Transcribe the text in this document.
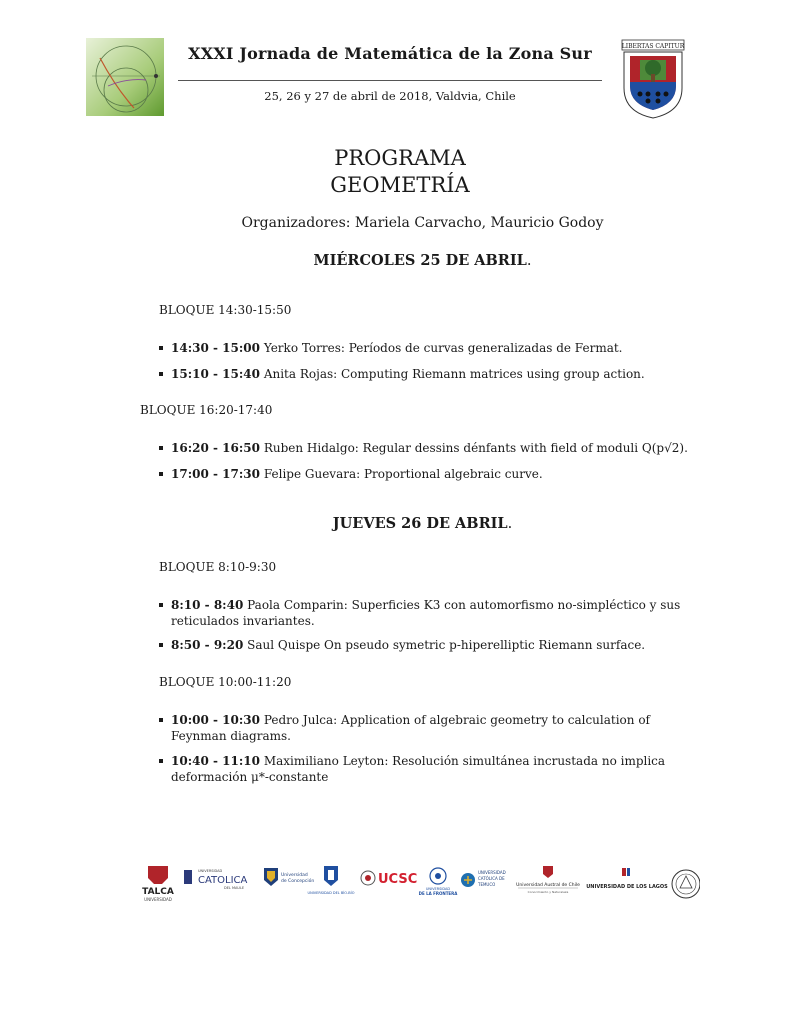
XXXI Jornada de Matemática de la Zona Sur
25, 26 y 27 de abril de 2018, Valdvia, Chile
LIBERTAS CAPITUR
PROGRAMA
GEOMETRÍA
Organizadores: Mariela Carvacho, Mauricio Godoy
MIÉRCOLES 25 DE ABRIL.
BLOQUE 14:30-15:50
14:30 - 15:00 Yerko Torres: Períodos de curvas generalizadas de Fermat.
15:10 - 15:40 Anita Rojas: Computing Riemann matrices using group action.
BLOQUE 16:20-17:40
16:20 - 16:50 Ruben Hidalgo: Regular dessins dénfants with field of moduli Q(p√2).
17:00 - 17:30 Felipe Guevara: Proportional algebraic curve.
JUEVES 26 DE ABRIL.
BLOQUE 8:10-9:30
8:10 - 8:40 Paola Comparin: Superficies K3 con automorfismo no-simpléctico y sus reticulados invariantes.
8:50 - 9:20 Saul Quispe On pseudo symetric p-hiperelliptic Riemann surface.
BLOQUE 10:00-11:20
10:00 - 10:30 Pedro Julca: Application of algebraic geometry to calculation of Feynman diagrams.
10:40 - 11:10 Maximiliano Leyton: Resolución simultánea incrustada no implica deformación μ*-constante
TALCA
UNIVERSIDAD
UNIVERSIDAD
CATOLICA
DEL MAULE
Universidad
de Concepción
UNIVERSIDAD DEL BÍO-BÍO
UCSC
UNIVERSIDAD
DE LA FRONTERA
UNIVERSIDAD
CATÓLICA DE
TEMUCO	Universidad Austral de Chile
Conocimiento y Naturaleza
UNIVERSIDAD DE LOS LAGOS
